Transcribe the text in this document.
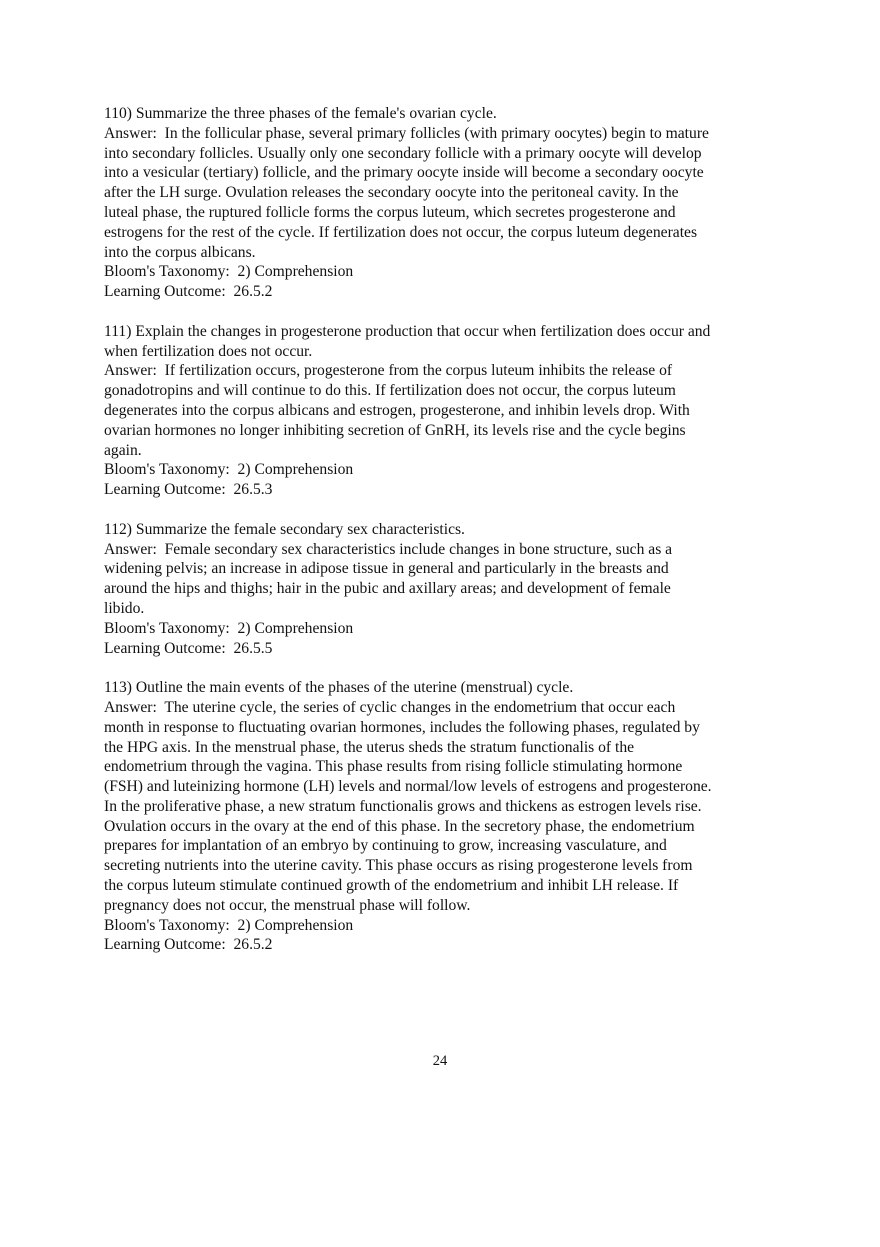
110) Summarize the three phases of the female's ovarian cycle.
Answer:  In the follicular phase, several primary follicles (with primary oocytes) begin to mature
into secondary follicles. Usually only one secondary follicle with a primary oocyte will develop
into a vesicular (tertiary) follicle, and the primary oocyte inside will become a secondary oocyte
after the LH surge. Ovulation releases the secondary oocyte into the peritoneal cavity. In the
luteal phase, the ruptured follicle forms the corpus luteum, which secretes progesterone and
estrogens for the rest of the cycle. If fertilization does not occur, the corpus luteum degenerates
into the corpus albicans.
Bloom's Taxonomy:  2) Comprehension
Learning Outcome:  26.5.2
111) Explain the changes in progesterone production that occur when fertilization does occur and
when fertilization does not occur.
Answer:  If fertilization occurs, progesterone from the corpus luteum inhibits the release of
gonadotropins and will continue to do this. If fertilization does not occur, the corpus luteum
degenerates into the corpus albicans and estrogen, progesterone, and inhibin levels drop. With
ovarian hormones no longer inhibiting secretion of GnRH, its levels rise and the cycle begins
again.
Bloom's Taxonomy:  2) Comprehension
Learning Outcome:  26.5.3
112) Summarize the female secondary sex characteristics.
Answer:  Female secondary sex characteristics include changes in bone structure, such as a
widening pelvis; an increase in adipose tissue in general and particularly in the breasts and
around the hips and thighs; hair in the pubic and axillary areas; and development of female
libido.
Bloom's Taxonomy:  2) Comprehension
Learning Outcome:  26.5.5
113) Outline the main events of the phases of the uterine (menstrual) cycle.
Answer:  The uterine cycle, the series of cyclic changes in the endometrium that occur each
month in response to fluctuating ovarian hormones, includes the following phases, regulated by
the HPG axis. In the menstrual phase, the uterus sheds the stratum functionalis of the
endometrium through the vagina. This phase results from rising follicle stimulating hormone
(FSH) and luteinizing hormone (LH) levels and normal/low levels of estrogens and progesterone.
In the proliferative phase, a new stratum functionalis grows and thickens as estrogen levels rise.
Ovulation occurs in the ovary at the end of this phase. In the secretory phase, the endometrium
prepares for implantation of an embryo by continuing to grow, increasing vasculature, and
secreting nutrients into the uterine cavity. This phase occurs as rising progesterone levels from
the corpus luteum stimulate continued growth of the endometrium and inhibit LH release. If
pregnancy does not occur, the menstrual phase will follow.
Bloom's Taxonomy:  2) Comprehension
Learning Outcome:  26.5.2
24
